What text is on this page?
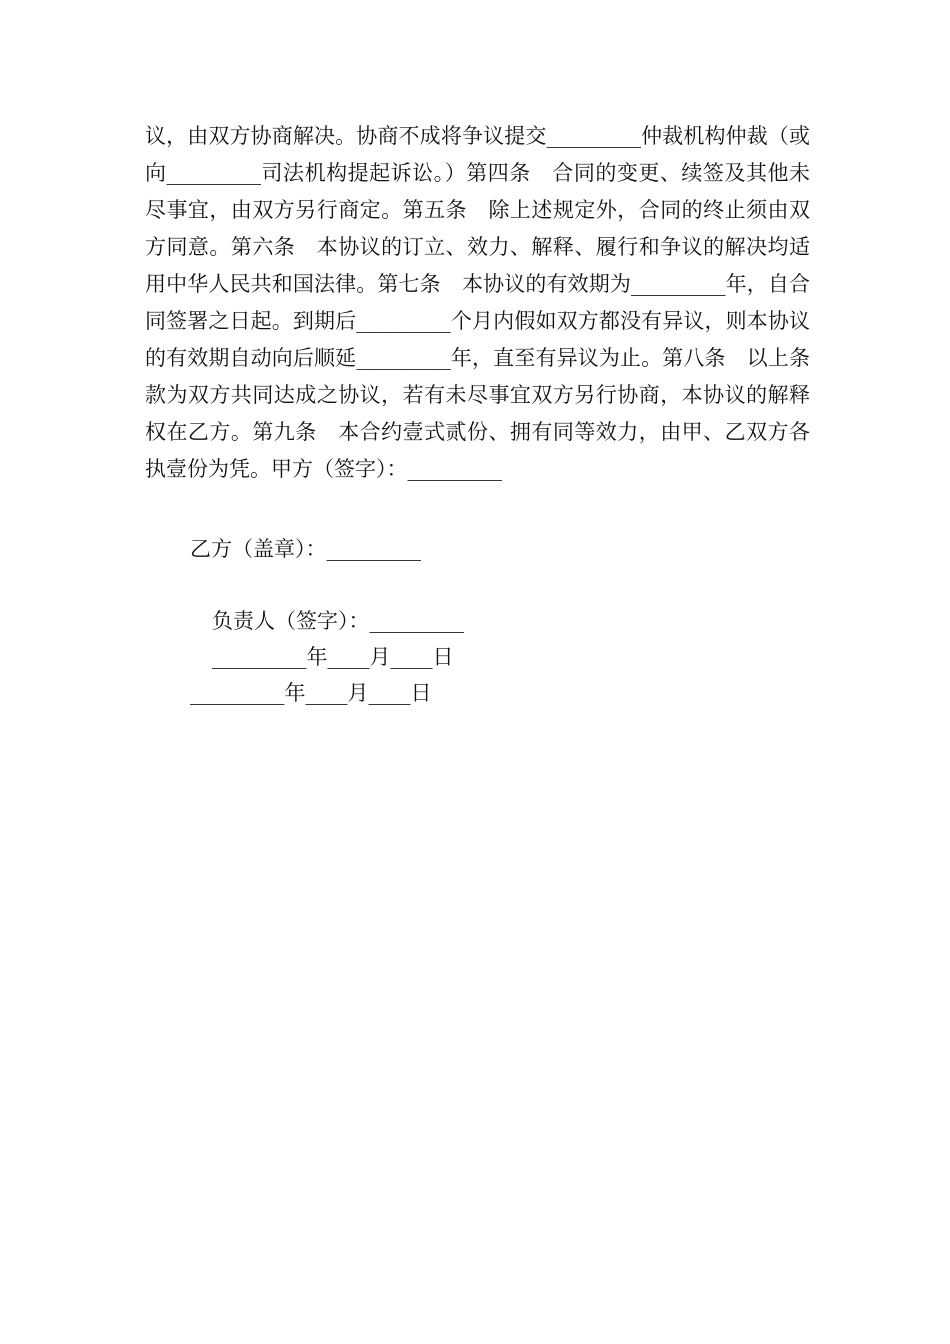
议，由双方协商解决。协商不成将争议提交_________仲裁机构仲裁（或向_________司法机构提起诉讼。）第四条　合同的变更、续签及其他未尽事宜，由双方另行商定。第五条　除上述规定外，合同的终止须由双方同意。第六条　本协议的订立、效力、解释、履行和争议的解决均适用中华人民共和国法律。第七条　本协议的有效期为_________年，自合同签署之日起。到期后_________个月内假如双方都没有异议，则本协议的有效期自动向后顺延_________年，直至有异议为止。第八条　以上条款为双方共同达成之协议，若有未尽事宜双方另行协商，本协议的解释权在乙方。第九条　本合约壹式贰份、拥有同等效力，由甲、乙双方各执壹份为凭。甲方（签字）：_________

乙方（盖章）：_________

负责人（签字）：_________

_________年____月____日

_________年____月____日
